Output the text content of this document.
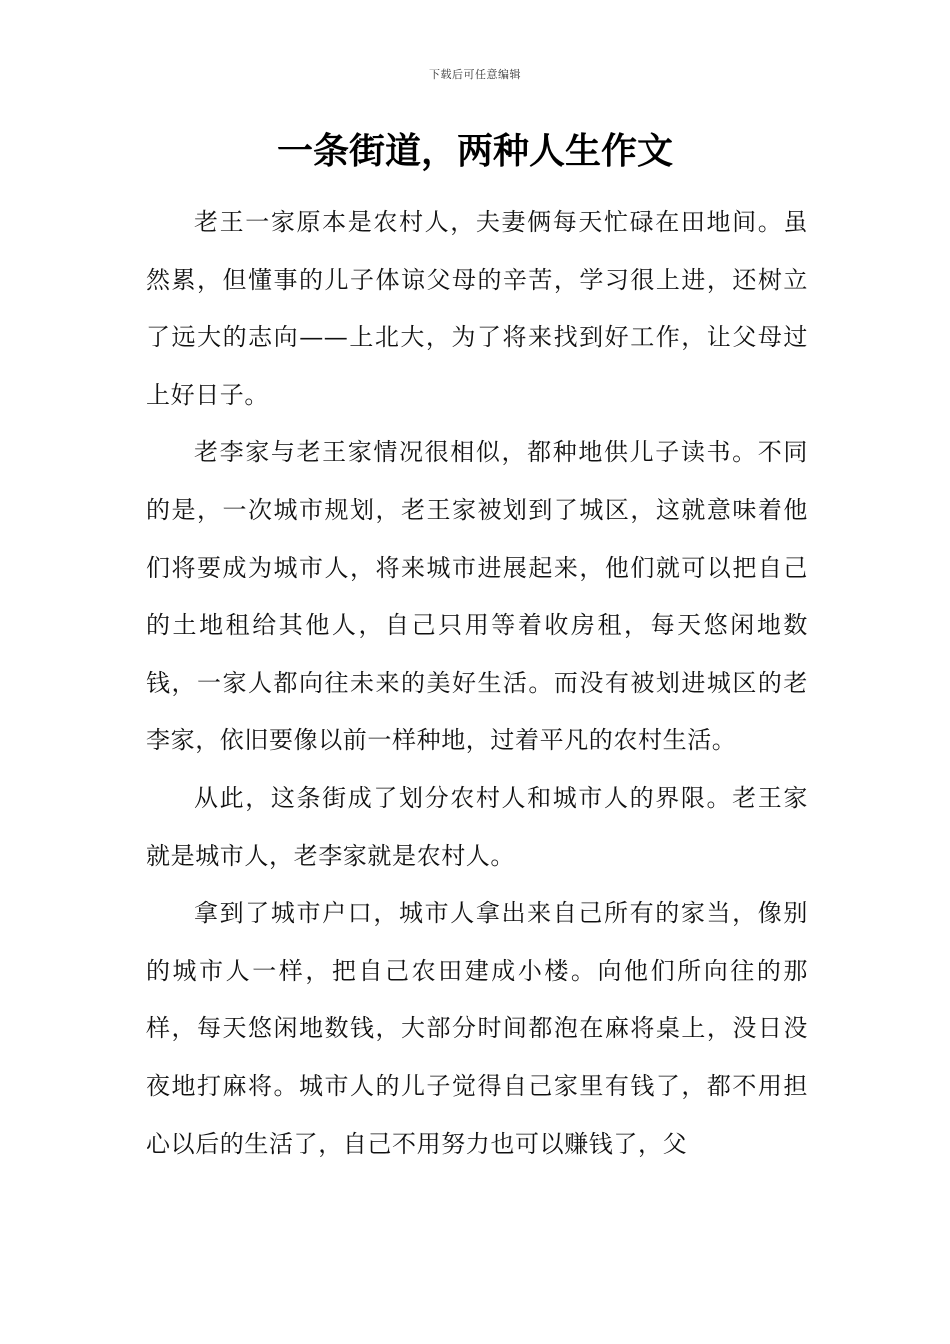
下载后可任意编辑
一条街道，两种人生作文

老王一家原本是农村人，夫妻俩每天忙碌在田地间。虽然累，但懂事的儿子体谅父母的辛苦，学习很上进，还树立了远大的志向——上北大，为了将来找到好工作，让父母过上好日子。

老李家与老王家情况很相似，都种地供儿子读书。不同的是，一次城市规划，老王家被划到了城区，这就意味着他们将要成为城市人，将来城市进展起来，他们就可以把自己的土地租给其他人，自己只用等着收房租，每天悠闲地数钱，一家人都向往未来的美好生活。而没有被划进城区的老李家，依旧要像以前一样种地，过着平凡的农村生活。

从此，这条街成了划分农村人和城市人的界限。老王家就是城市人，老李家就是农村人。

拿到了城市户口，城市人拿出来自己所有的家当，像别的城市人一样，把自己农田建成小楼。向他们所向往的那样，每天悠闲地数钱，大部分时间都泡在麻将桌上，没日没夜地打麻将。城市人的儿子觉得自己家里有钱了，都不用担心以后的生活了，自己不用努力也可以赚钱了，父
